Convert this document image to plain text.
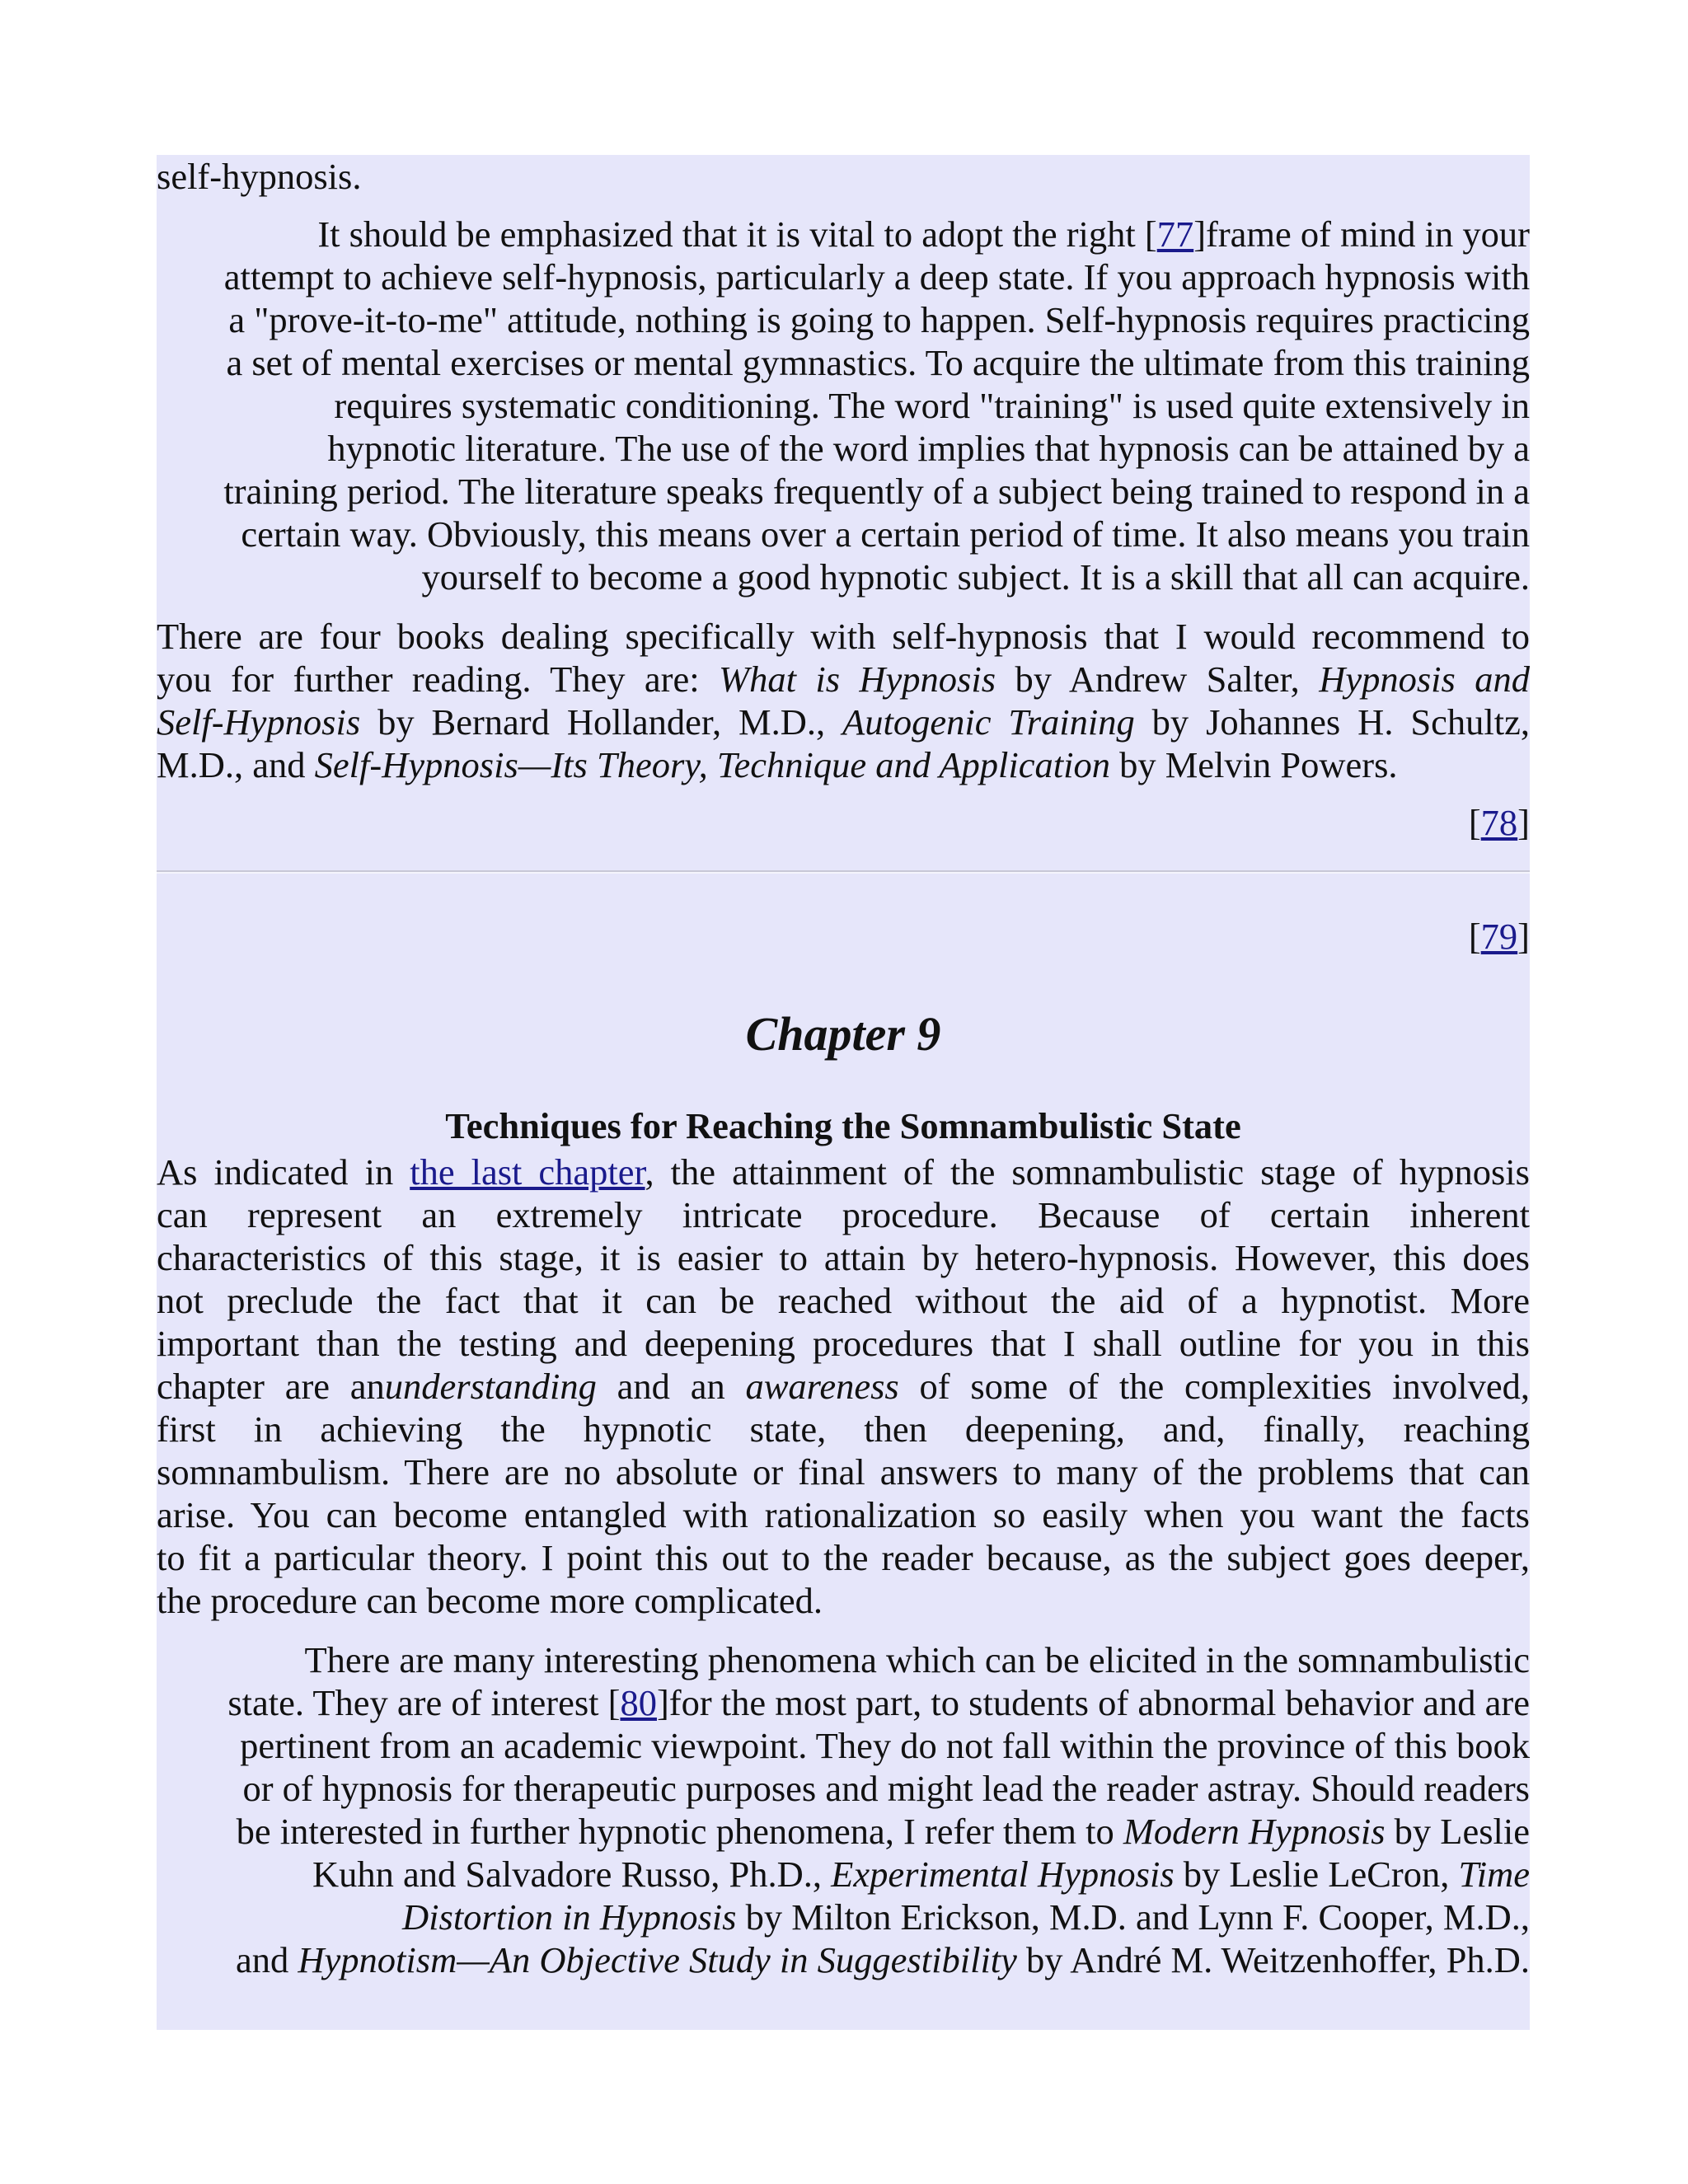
self-hypnosis.
It should be emphasized that it is vital to adopt the right [77]frame of mind in your
attempt to achieve self-hypnosis, particularly a deep state. If you approach hypnosis with
a "prove-it-to-me" attitude, nothing is going to happen. Self-hypnosis requires practicing
a set of mental exercises or mental gymnastics. To acquire the ultimate from this training
requires systematic conditioning. The word "training" is used quite extensively in
hypnotic literature. The use of the word implies that hypnosis can be attained by a
training period. The literature speaks frequently of a subject being trained to respond in a
certain way. Obviously, this means over a certain period of time. It also means you train
yourself to become a good hypnotic subject. It is a skill that all can acquire.
There are four books dealing specifically with self-hypnosis that I would recommend to
you for further reading. They are: What is Hypnosis by Andrew Salter, Hypnosis and
Self-Hypnosis by Bernard Hollander, M.D., Autogenic Training by Johannes H. Schultz,
M.D., and Self-Hypnosis—Its Theory, Technique and Application by Melvin Powers.
[78]
[79]
Chapter 9
Techniques for Reaching the Somnambulistic State
As indicated in the last chapter, the attainment of the somnambulistic stage of hypnosis
can represent an extremely intricate procedure. Because of certain inherent
characteristics of this stage, it is easier to attain by hetero-hypnosis. However, this does
not preclude the fact that it can be reached without the aid of a hypnotist. More
important than the testing and deepening procedures that I shall outline for you in this
chapter are anunderstanding and an awareness of some of the complexities involved,
first in achieving the hypnotic state, then deepening, and, finally, reaching
somnambulism. There are no absolute or final answers to many of the problems that can
arise. You can become entangled with rationalization so easily when you want the facts
to fit a particular theory. I point this out to the reader because, as the subject goes deeper,
the procedure can become more complicated.
There are many interesting phenomena which can be elicited in the somnambulistic
state. They are of interest [80]for the most part, to students of abnormal behavior and are
pertinent from an academic viewpoint. They do not fall within the province of this book
or of hypnosis for therapeutic purposes and might lead the reader astray. Should readers
be interested in further hypnotic phenomena, I refer them to Modern Hypnosis by Leslie
Kuhn and Salvadore Russo, Ph.D., Experimental Hypnosis by Leslie LeCron, Time
Distortion in Hypnosis by Milton Erickson, M.D. and Lynn F. Cooper, M.D.,
and Hypnotism—An Objective Study in Suggestibility by André M. Weitzenhoffer, Ph.D.
